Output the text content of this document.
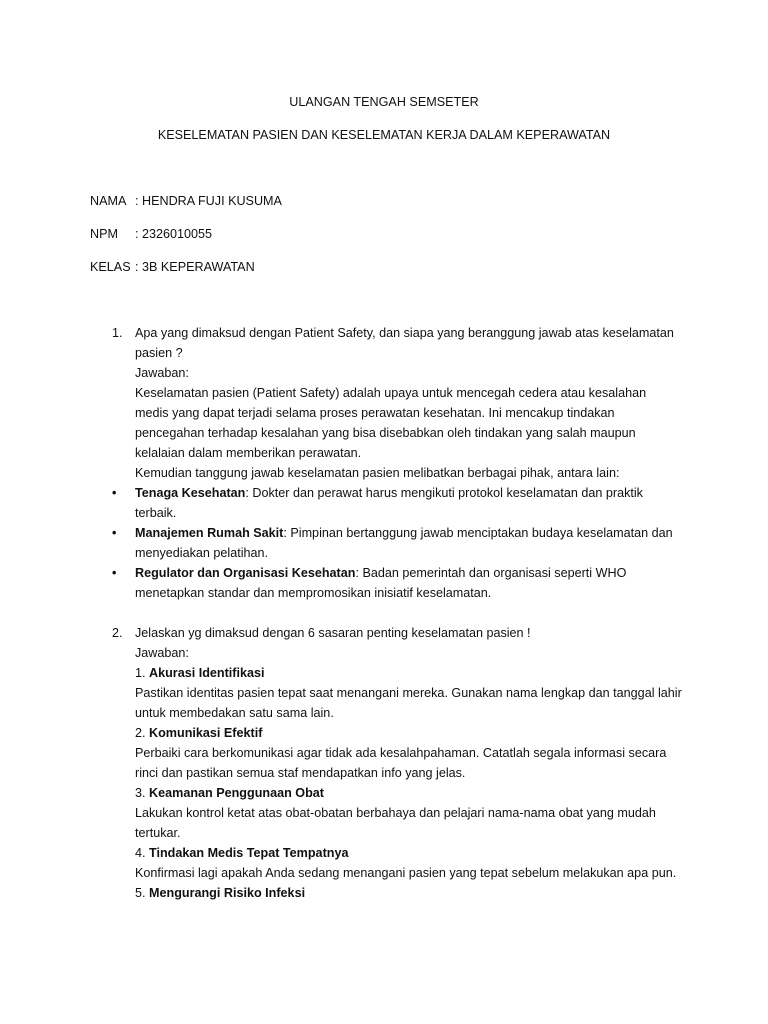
ULANGAN TENGAH SEMSETER
KESELEMATAN PASIEN DAN KESELEMATAN KERJA DALAM KEPERAWATAN
NAMA : HENDRA FUJI KUSUMA
NPM : 2326010055
KELAS : 3B KEPERAWATAN
1. Apa yang dimaksud dengan Patient Safety, dan siapa yang beranggung jawab atas keselamatan pasien ?

Jawaban:

Keselamatan pasien (Patient Safety) adalah upaya untuk mencegah cedera atau kesalahan medis yang dapat terjadi selama proses perawatan kesehatan. Ini mencakup tindakan pencegahan terhadap kesalahan yang bisa disebabkan oleh tindakan yang salah maupun kelalaian dalam memberikan perawatan.

Kemudian tanggung jawab keselamatan pasien melibatkan berbagai pihak, antara lain:

• Tenaga Kesehatan: Dokter dan perawat harus mengikuti protokol keselamatan dan praktik terbaik.
• Manajemen Rumah Sakit: Pimpinan bertanggung jawab menciptakan budaya keselamatan dan menyediakan pelatihan.
• Regulator dan Organisasi Kesehatan: Badan pemerintah dan organisasi seperti WHO menetapkan standar dan mempromosikan inisiatif keselamatan.
2. Jelaskan yg dimaksud dengan 6 sasaran penting keselamatan pasien !

Jawaban:

1. Akurasi Identifikasi

Pastikan identitas pasien tepat saat menangani mereka. Gunakan nama lengkap dan tanggal lahir untuk membedakan satu sama lain.

2. Komunikasi Efektif

Perbaiki cara berkomunikasi agar tidak ada kesalahpahaman. Catatlah segala informasi secara rinci dan pastikan semua staf mendapatkan info yang jelas.

3. Keamanan Penggunaan Obat

Lakukan kontrol ketat atas obat-obatan berbahaya dan pelajari nama-nama obat yang mudah tertukar.

4. Tindakan Medis Tepat Tempatnya

Konfirmasi lagi apakah Anda sedang menangani pasien yang tepat sebelum melakukan apa pun.

5. Mengurangi Risiko Infeksi
